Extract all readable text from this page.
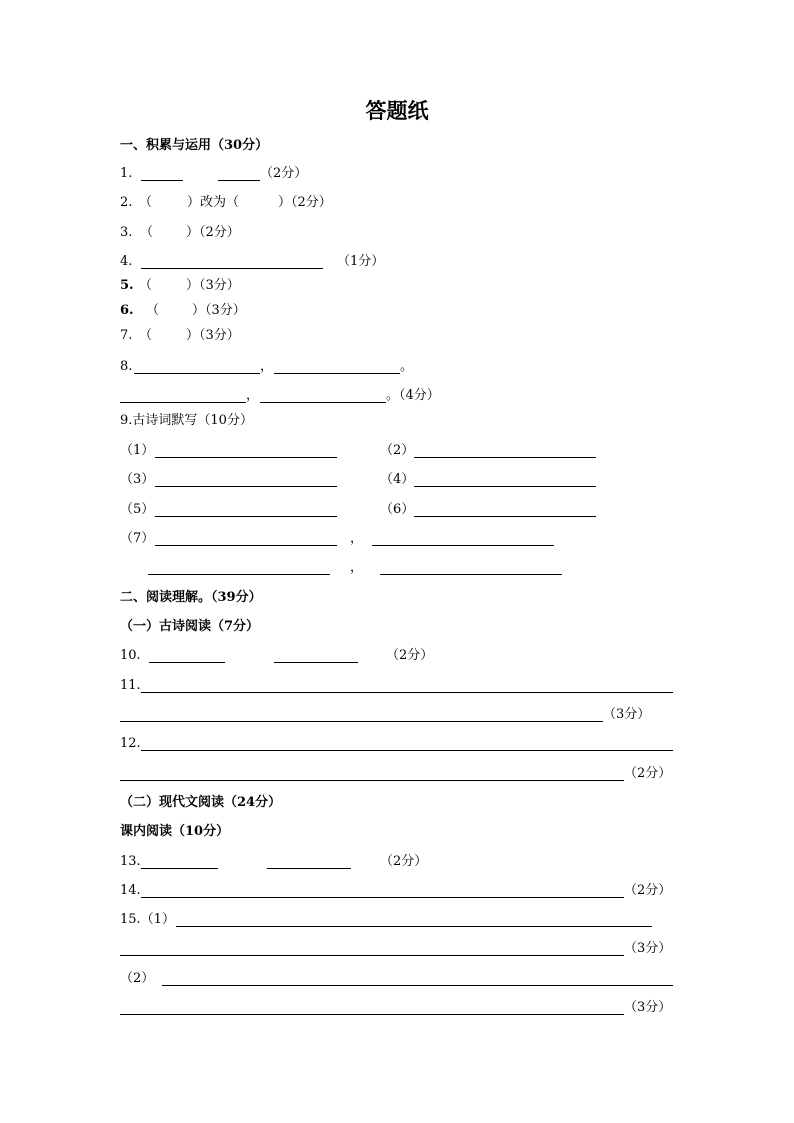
答题纸
一、积累与运用（30分）
1.	（2分）
2. （	）改为（	）（2分）
3. （	）（2分）
4.	（1分）
5. （	）（3分）
6. （	）（3分）
7. （	）（3分）
8.	，	。
，	。（4分）
9.古诗词默写（10分）
（1）	（2）
（3）	（4）
（5）	（6）
（7）	，
，
二、阅读理解。（39分）
（一）古诗阅读（7分）
10.	（2分）
11.
（3分）
12.
（2分）
（二）现代文阅读（24分）
课内阅读（10分）
13.	（2分）
14.	（2分）
15.（1）
（3分）
（2）
（3分）
